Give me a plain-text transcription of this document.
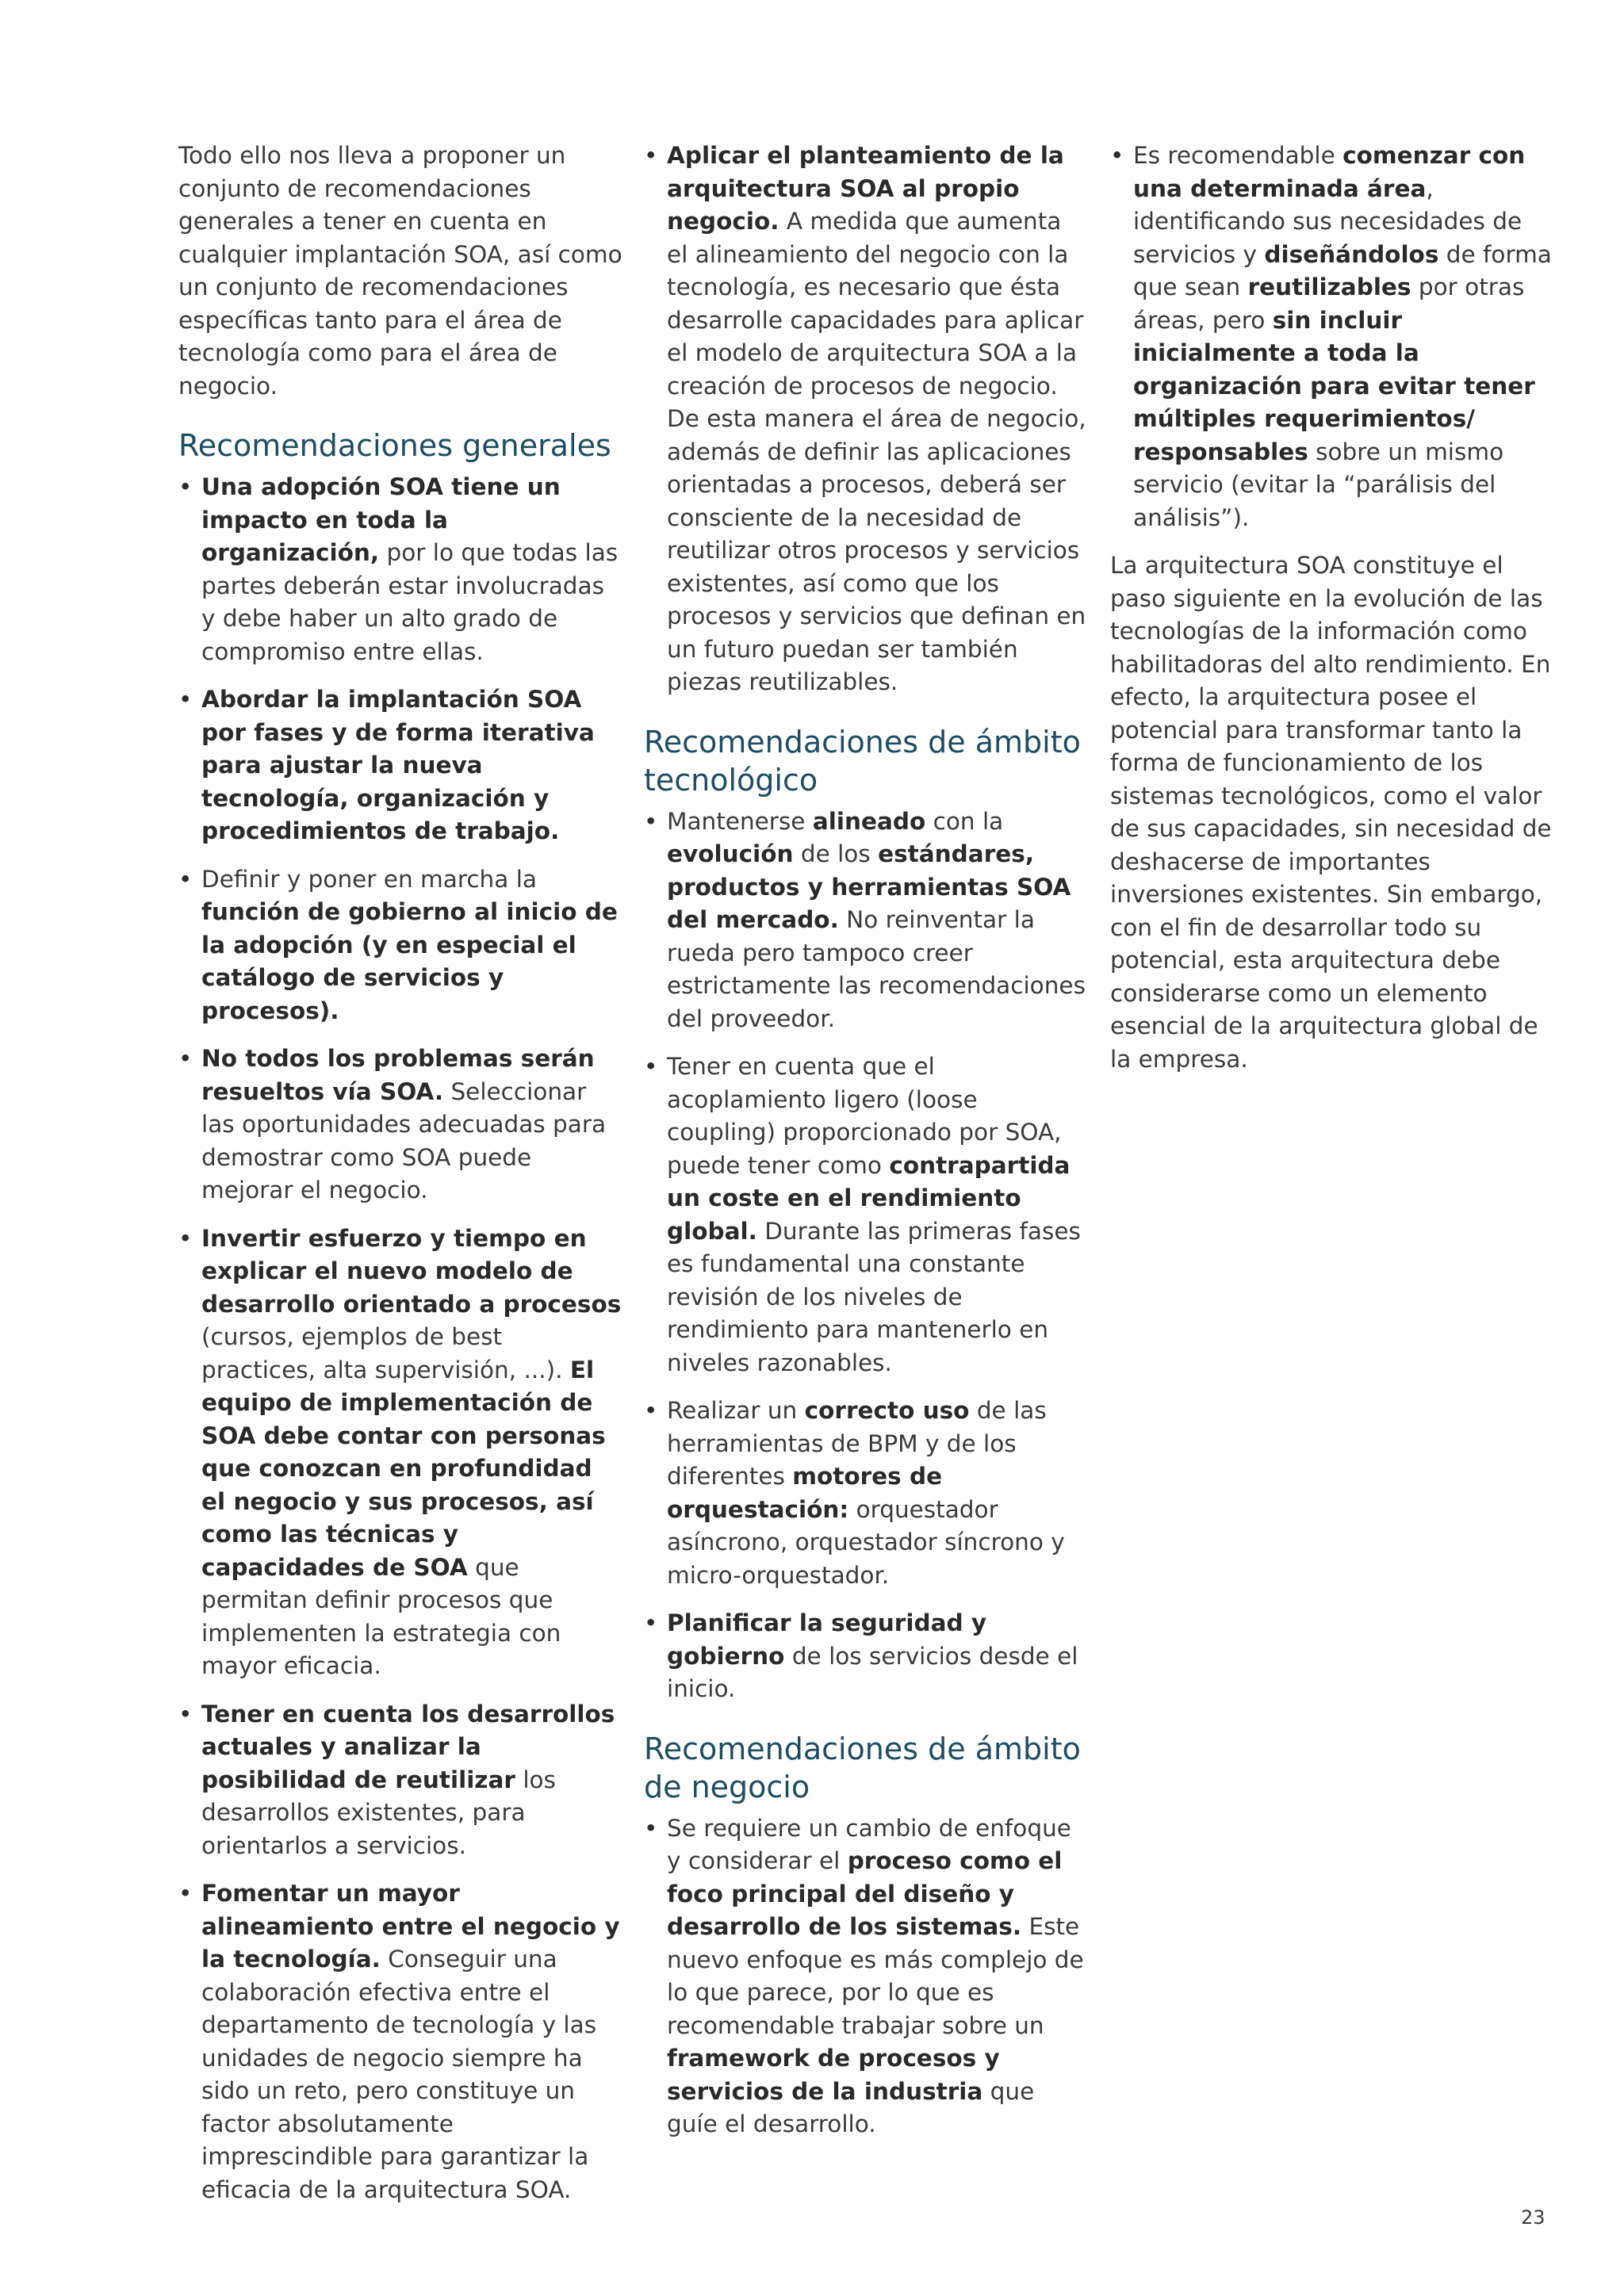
Todo ello nos lleva a proponer un conjunto de recomendaciones generales a tener en cuenta en cualquier implantación SOA, así como un conjunto de recomendaciones específicas tanto para el área de tecnología como para el área de negocio.

Recomendaciones generales
• Una adopción SOA tiene un impacto en toda la organización, por lo que todas las partes deberán estar involucradas y debe haber un alto grado de compromiso entre ellas.
• Abordar la implantación SOA por fases y de forma iterativa para ajustar la nueva tecnología, organización y procedimientos de trabajo.
• Definir y poner en marcha la función de gobierno al inicio de la adopción (y en especial el catálogo de servicios y procesos).
• No todos los problemas serán resueltos vía SOA. Seleccionar las oportunidades adecuadas para demostrar como SOA puede mejorar el negocio.
• Invertir esfuerzo y tiempo en explicar el nuevo modelo de desarrollo orientado a procesos (cursos, ejemplos de best practices, alta supervisión, ...). El equipo de implementación de SOA debe contar con personas que conozcan en profundidad el negocio y sus procesos, así como las técnicas y capacidades de SOA que permitan definir procesos que implementen la estrategia con mayor eficacia.
• Tener en cuenta los desarrollos actuales y analizar la posibilidad de reutilizar los desarrollos existentes, para orientarlos a servicios.
• Fomentar un mayor alineamiento entre el negocio y la tecnología. Conseguir una colaboración efectiva entre el departamento de tecnología y las unidades de negocio siempre ha sido un reto, pero constituye un factor absolutamente imprescindible para garantizar la eficacia de la arquitectura SOA.
• Aplicar el planteamiento de la arquitectura SOA al propio negocio. A medida que aumenta el alineamiento del negocio con la tecnología, es necesario que ésta desarrolle capacidades para aplicar el modelo de arquitectura SOA a la creación de procesos de negocio. De esta manera el área de negocio, además de definir las aplicaciones orientadas a procesos, deberá ser consciente de la necesidad de reutilizar otros procesos y servicios existentes, así como que los procesos y servicios que definan en un futuro puedan ser también piezas reutilizables.
Recomendaciones de ámbito tecnológico
• Mantenerse alineado con la evolución de los estándares, productos y herramientas SOA del mercado. No reinventar la rueda pero tampoco creer estrictamente las recomendaciones del proveedor.
• Tener en cuenta que el acoplamiento ligero (loose coupling) proporcionado por SOA, puede tener como contrapartida un coste en el rendimiento global. Durante las primeras fases es fundamental una constante revisión de los niveles de rendimiento para mantenerlo en niveles razonables.
• Realizar un correcto uso de las herramientas de BPM y de los diferentes motores de orquestación: orquestador asíncrono, orquestador síncrono y micro-orquestador.
• Planificar la seguridad y gobierno de los servicios desde el inicio.
Recomendaciones de ámbito de negocio
• Se requiere un cambio de enfoque y considerar el proceso como el foco principal del diseño y desarrollo de los sistemas. Este nuevo enfoque es más complejo de lo que parece, por lo que es recomendable trabajar sobre un framework de procesos y servicios de la industria que guíe el desarrollo.
• Es recomendable comenzar con una determinada área, identificando sus necesidades de servicios y diseñándolos de forma que sean reutilizables por otras áreas, pero sin incluir inicialmente a toda la organización para evitar tener múltiples requerimientos/ responsables sobre un mismo servicio (evitar la “parálisis del análisis”).

La arquitectura SOA constituye el paso siguiente en la evolución de las tecnologías de la información como habilitadoras del alto rendimiento. En efecto, la arquitectura posee el potencial para transformar tanto la forma de funcionamiento de los sistemas tecnológicos, como el valor de sus capacidades, sin necesidad de deshacerse de importantes inversiones existentes. Sin embargo, con el fin de desarrollar todo su potencial, esta arquitectura debe considerarse como un elemento esencial de la arquitectura global de la empresa.

23
